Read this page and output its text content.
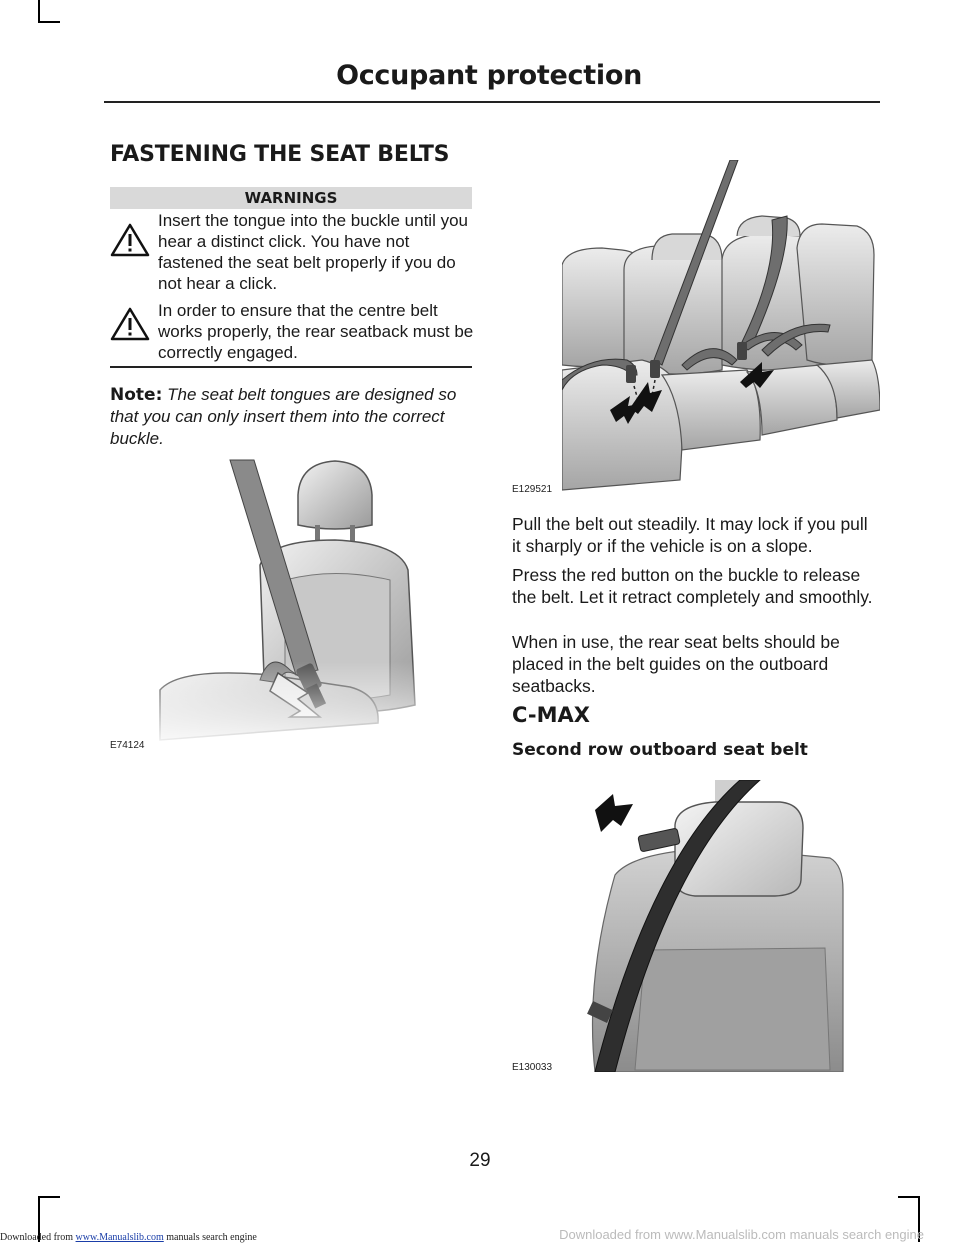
Occupant protection
FASTENING THE SEAT BELTS
WARNINGS
Insert the tongue into the buckle until you hear a distinct click. You have not fastened the seat belt properly if you do not hear a click.
In order to ensure that the centre belt works properly, the rear seatback must be correctly engaged.
Note: The seat belt tongues are designed so that you can only insert them into the correct buckle.
E74124
E129521
Pull the belt out steadily. It may lock if you pull it sharply or if the vehicle is on a slope.
Press the red button on the buckle to release the belt. Let it retract completely and smoothly.
When in use, the rear seat belts should be placed in the belt guides on the outboard seatbacks.
C-MAX
Second row outboard seat belt
E130033
29
Downloaded from www.Manualslib.com manuals search engine	Downloaded from www.Manualslib.com manuals search engine
